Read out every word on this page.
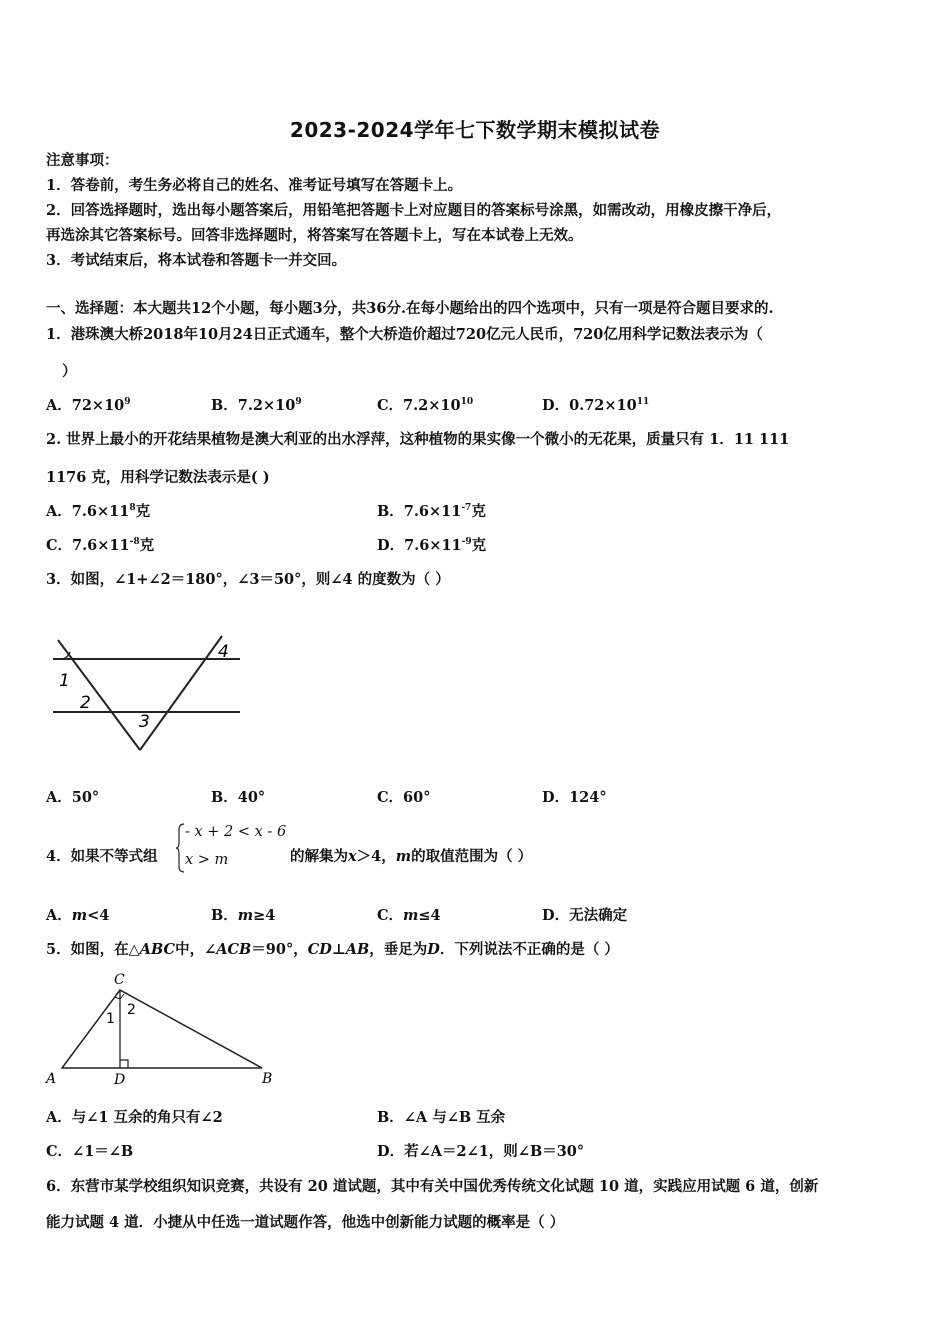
2023-2024学年七下数学期末模拟试卷
注意事项：
1．答卷前，考生务必将自己的姓名、准考证号填写在答题卡上。
2．回答选择题时，选出每小题答案后，用铅笔把答题卡上对应题目的答案标号涂黑，如需改动，用橡皮擦干净后，
再选涂其它答案标号。回答非选择题时，将答案写在答题卡上，写在本试卷上无效。
3．考试结束后，将本试卷和答题卡一并交回。
一、选择题：本大题共12个小题，每小题3分，共36分.在每小题给出的四个选项中，只有一项是符合题目要求的.
1．港珠澳大桥2018年10月24日正式通车，整个大桥造价超过720亿元人民币，720亿用科学记数法表示为（
）
A．$72\times 10^9$	B．$7.2\times 10^9$	C．$7.2\times 10^{10}$	D．$0.72\times 10^{11}$
2. 世界上最小的开花结果植物是澳大利亚的出水浮萍，这种植物的果实像一个微小的无花果，质量只有 1．11 111
1176 克，用科学记数法表示是( )
A．$7.6\times 11^8$克	B．$7.6\times 11^{-7}$克
C．$7.6\times 11^{-8}$克	D．$7.6\times 11^{-9}$克
3．如图，∠1+∠2＝180°，∠3＝50°，则∠4 的度数为（ ）
1
2
3
4
A．50°	B．40°	C．60°	D．124°
4．如果不等式组
- x + 2 < x - 6
x > m	的解集为x＞4，m的取值范围为（ ）
A．m<4	B．m≥4	C．m≤4	D．无法确定
5．如图，在△ABC中，∠ACB＝90°，CD⊥AB，垂足为D．下列说法不正确的是（ ）
C
A	D	B
1
2
A．与∠1 互余的角只有∠2	B．∠A 与∠B 互余
C．∠1＝∠B	D．若∠A＝2∠1，则∠B＝30°
6．东营市某学校组织知识竞赛，共设有 20 道试题，其中有关中国优秀传统文化试题 10 道，实践应用试题 6 道，创新
能力试题 4 道．小捷从中任选一道试题作答，他选中创新能力试题的概率是（ ）
